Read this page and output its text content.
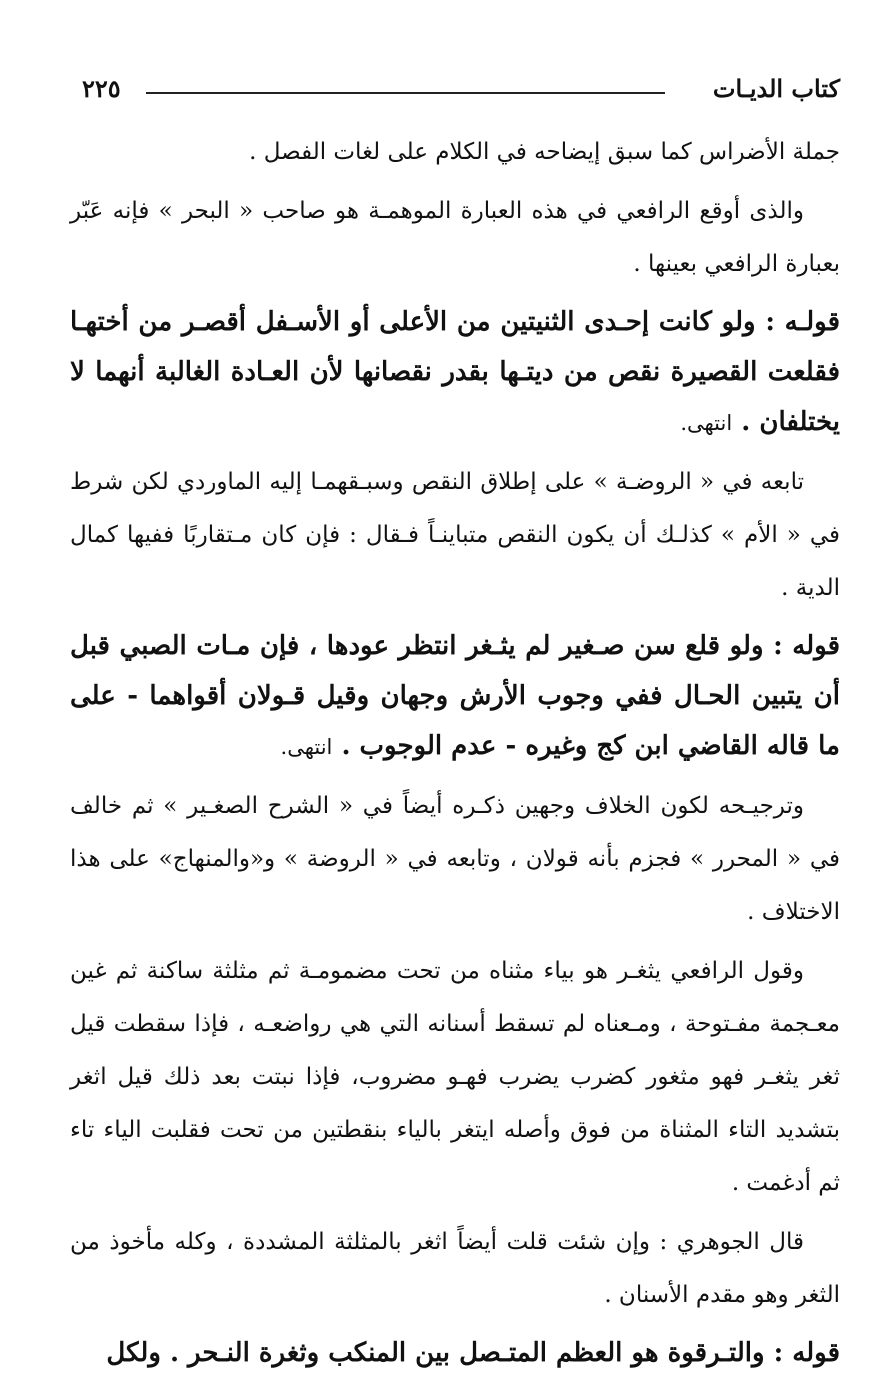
كتاب الديـات
٢٢٥

جملة الأضراس كما سبق إيضاحه في الكلام على لغات الفصل .

والذى أوقع الرافعي في هذه العبارة الموهمـة هو صاحب « البحر » فإنه عَبّر بعبارة الرافعي بعينها .

قولـه : ولو كانت إحـدى الثنيتين من الأعلى أو الأسـفل أقصـر من أختهـا فقلعت القصيرة نقص من ديتـها بقدر نقصانها لأن العـادة الغالبة أنهما لا يختلفان . انتهى.

تابعه في « الروضـة » على إطلاق النقص وسبـقهمـا إليه الماوردي لكن شرط في « الأم » كذلـك أن يكون النقص متباينـاً فـقال : فإن كان مـتقاربًا ففيها كمال الدية .

قوله : ولو قلع سن صـغير لم يثـغر انتظر عودها ، فإن مـات الصبي قبل أن يتبين الحـال ففي وجوب الأرش وجهان وقيل قـولان أقواهما - على ما قاله القاضي ابن كج وغيره - عدم الوجوب . انتهى.

وترجيـحه لكون الخلاف وجهين ذكـره أيضاً في « الشرح الصغـير » ثم خالف في « المحرر » فجزم بأنه قولان ، وتابعه في « الروضة » و«والمنهاج» على هذا الاختلاف .

وقول الرافعي يثغـر هو بياء مثناه من تحت مضمومـة ثم مثلثة ساكنة ثم غين معـجمة مفـتوحة ، ومـعناه لم تسقط أسنانه التي هي رواضعـه ، فإذا سقطت قيل ثغر يثغـر فهو مثغور كضرب يضرب فهـو مضروب، فإذا نبتت بعد ذلك قيل اثغر بتشديد التاء المثناة من فوق وأصله ايتغر بالياء بنقطتين من تحت فقلبت الياء تاء ثم أدغمت .

قال الجوهري : وإن شئت قلت أيضاً اثغر بالمثلثة المشددة ، وكله مأخوذ من الثغر وهو مقدم الأسنان .

قوله : والتـرقوة هو العظم المتـصل بين المنكب وثغرة النـحر . ولكل
